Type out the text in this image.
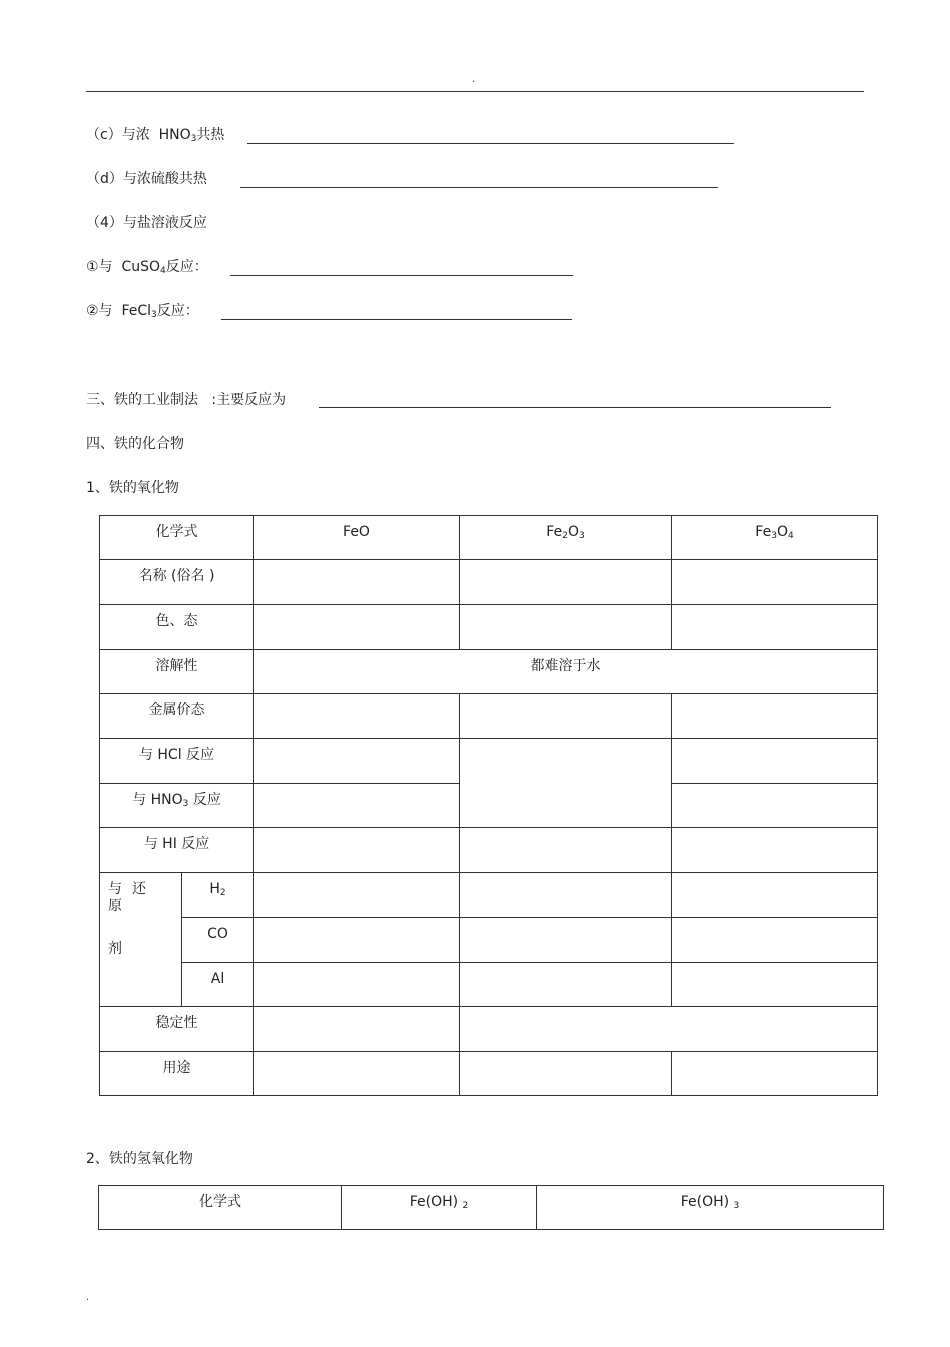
.
（c）与浓 $HNO_3$共热
（d）与浓硫酸共热
（4）与盐溶液反应
①与 CuSO$_4$反应：
②与 FeCl$_3$反应：
三、铁的工业制法 :主要反应为
四、铁的化合物
1、铁的氧化物
化学式		FeO	$Fe_2O_3$	$Fe_3O_4$
名称 (俗名 )				
色、态				
溶解性		都难溶于水		
金属价态				
与 HCl 反应				
与 $HNO_3$ 反应				
与 HI 反应				

与还原
剂	$H_2$			
	CO			
	Al			
稳定性				
用途				
2、铁的氢氧化物
化学式	Fe(OH) $_2$	Fe(OH) $_3$
.
